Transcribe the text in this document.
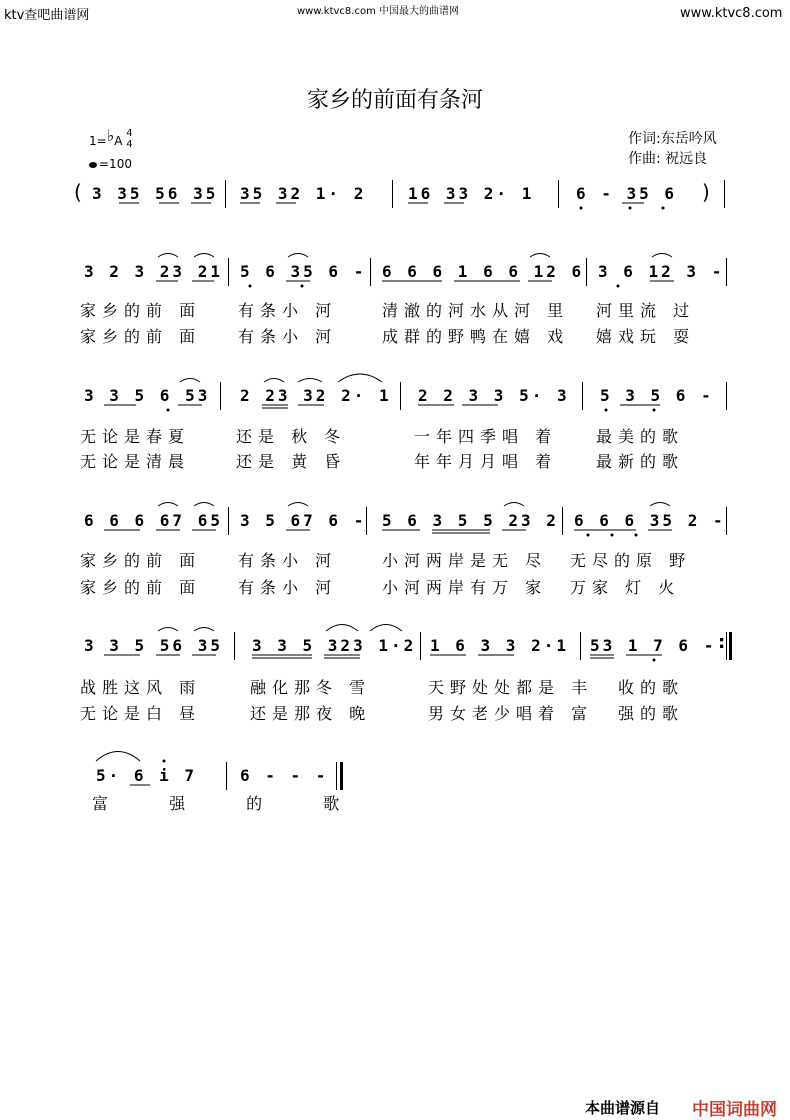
ktv查吧曲谱网	www.ktvc8.com 中国最大的曲谱网	www.ktvc8.com
家乡的前面有条河
1=♭A 4
4
=100
作词:东岳吟风
作曲: 祝远良
( 3 35 56 35	35 32 1· 2	16 33 2· 1	6 - 35 6	)
3 2 3 23 21	5 6 35 6 - 6 6 6 1 6 6 12 6 3 6 12 3 -
家乡的前 面 有条小 河	清澈的河水从河 里 河里流 过
家乡的前 面 有条小 河	成群的野鸭在嬉 戏 嬉戏玩 耍
3 3 5 6 53	2 23 32 2· 1	2 2 3 3 5· 3	5 3 5 6 -
无论是春夏	还是 秋 冬	一年四季唱 着 最美的歌
无论是清晨	还是 黄 昏	年年月月唱 着 最新的歌
6 6 6 67 65	3 5 67 6 - 5 6 3 5 5 23 2 6 6 6 35 2 -
家乡的前 面 有条小 河	小河两岸是无 尽 无尽的原 野
家乡的前 面 有条小 河	小河两岸有万 家 万家 灯 火
3 3 5 56 35	3 3 5 323 1·2 1 6 3 3 2·1	53 1 7 6 - :
战胜这风 雨	融化那冬 雪	天野处处都是 丰 收的歌
无论是白 昼	还是那夜 晚	男女老少唱着 富 强的歌
5· 6 i 7	6 - - -
富 强 的 歌
本曲谱源自 中国词曲网
